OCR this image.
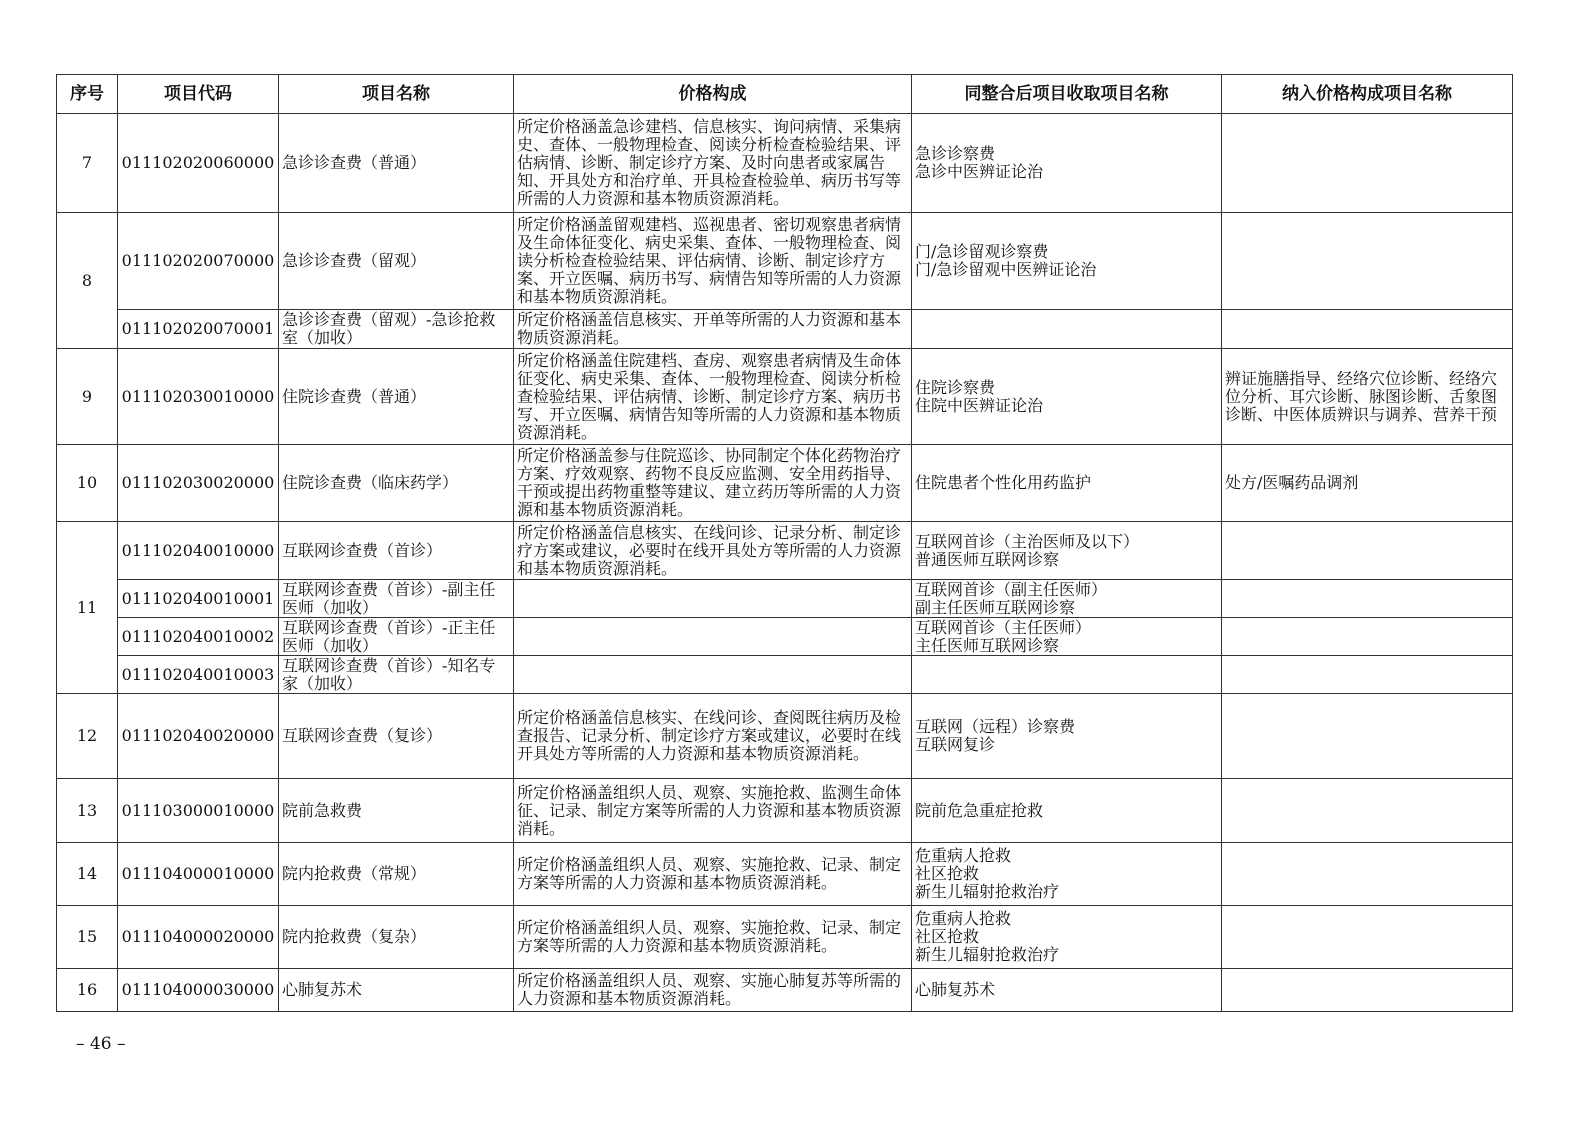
序号	项目代码	项目名称	价格构成	同整合后项目收取项目名称	纳入价格构成项目名称
7	011102020060000	急诊诊查费（普通）	所定价格涵盖急诊建档、信息核实、询问病情、采集病史、查体、一般物理检查、阅读分析检查检验结果、评估病情、诊断、制定诊疗方案、及时向患者或家属告知、开具处方和治疗单、开具检查检验单、病历书写等所需的人力资源和基本物质资源消耗。	急诊诊察费
急诊中医辨证论治	
8	011102020070000	急诊诊查费（留观）	所定价格涵盖留观建档、巡视患者、密切观察患者病情及生命体征变化、病史采集、查体、一般物理检查、阅读分析检查检验结果、评估病情、诊断、制定诊疗方案、开立医嘱、病历书写、病情告知等所需的人力资源和基本物质资源消耗。	门/急诊留观诊察费
门/急诊留观中医辨证论治	
	011102020070001	急诊诊查费（留观）-急诊抢救室（加收）	所定价格涵盖信息核实、开单等所需的人力资源和基本物质资源消耗。		
9	011102030010000	住院诊查费（普通）	所定价格涵盖住院建档、查房、观察患者病情及生命体征变化、病史采集、查体、一般物理检查、阅读分析检查检验结果、评估病情、诊断、制定诊疗方案、病历书写、开立医嘱、病情告知等所需的人力资源和基本物质资源消耗。	住院诊察费
住院中医辨证论治	辨证施膳指导、经络穴位诊断、经络穴位分析、耳穴诊断、脉图诊断、舌象图诊断、中医体质辨识与调养、营养干预
10	011102030020000	住院诊查费（临床药学）	所定价格涵盖参与住院巡诊、协同制定个体化药物治疗方案、疗效观察、药物不良反应监测、安全用药指导、干预或提出药物重整等建议、建立药历等所需的人力资源和基本物质资源消耗。	住院患者个性化用药监护	处方/医嘱药品调剂
11	011102040010000	互联网诊查费（首诊）	所定价格涵盖信息核实、在线问诊、记录分析、制定诊疗方案或建议，必要时在线开具处方等所需的人力资源和基本物质资源消耗。	互联网首诊（主治医师及以下）
普通医师互联网诊察	
	011102040010001	互联网诊查费（首诊）-副主任医师（加收）		互联网首诊（副主任医师）
副主任医师互联网诊察	
	011102040010002	互联网诊查费（首诊）-正主任医师（加收）		互联网首诊（主任医师）
主任医师互联网诊察	
	011102040010003	互联网诊查费（首诊）-知名专家（加收）			
12	011102040020000	互联网诊查费（复诊）	所定价格涵盖信息核实、在线问诊、查阅既往病历及检查报告、记录分析、制定诊疗方案或建议，必要时在线开具处方等所需的人力资源和基本物质资源消耗。	互联网（远程）诊察费
互联网复诊	
13	011103000010000	院前急救费	所定价格涵盖组织人员、观察、实施抢救、监测生命体征、记录、制定方案等所需的人力资源和基本物质资源消耗。	院前危急重症抢救	
14	011104000010000	院内抢救费（常规）	所定价格涵盖组织人员、观察、实施抢救、记录、制定方案等所需的人力资源和基本物质资源消耗。	危重病人抢救
社区抢救
新生儿辐射抢救治疗	
15	011104000020000	院内抢救费（复杂）	所定价格涵盖组织人员、观察、实施抢救、记录、制定方案等所需的人力资源和基本物质资源消耗。	危重病人抢救
社区抢救
新生儿辐射抢救治疗	
16	011104000030000	心肺复苏术	所定价格涵盖组织人员、观察、实施心肺复苏等所需的人力资源和基本物质资源消耗。	心肺复苏术	
– 46 –
